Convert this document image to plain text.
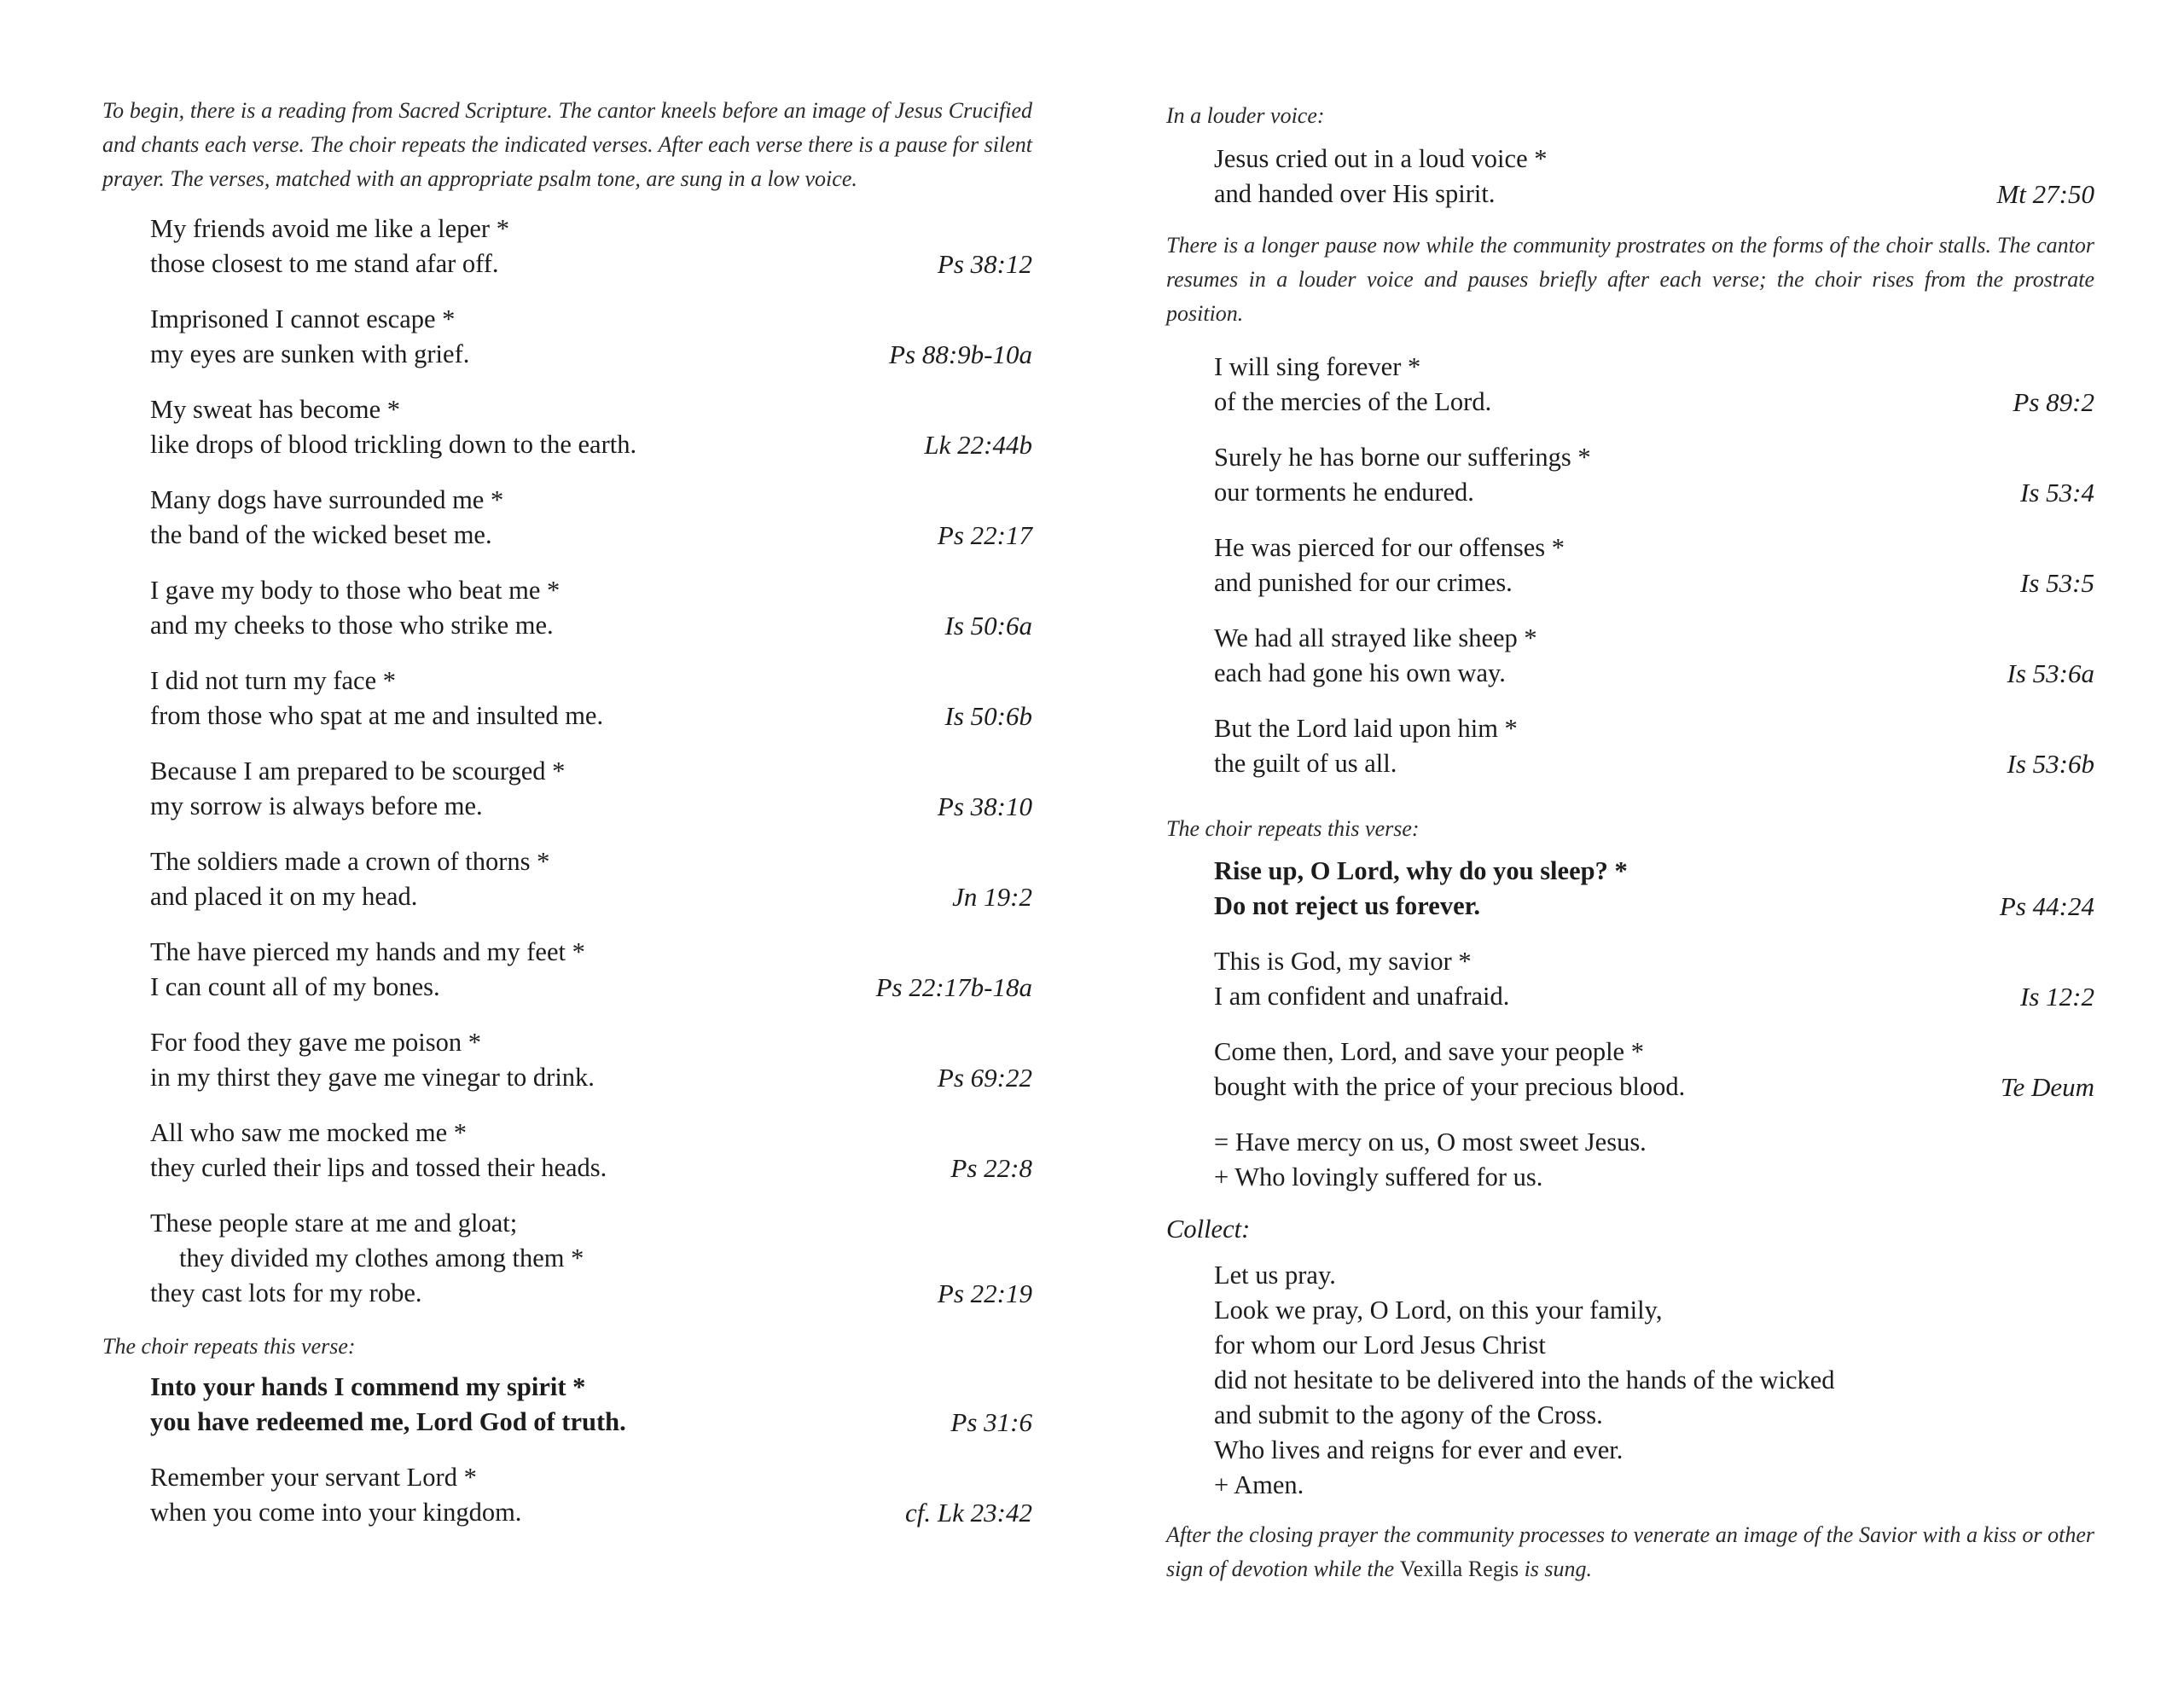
To begin, there is a reading from Sacred Scripture. The cantor kneels before an image of Jesus Crucified and chants each verse. The choir repeats the indicated verses. After each verse there is a pause for silent prayer. The verses, matched with an appropriate psalm tone, are sung in a low voice.
My friends avoid me like a leper *
those closest to me stand afar off.	Ps 38:12
Imprisoned I cannot escape *
my eyes are sunken with grief.	Ps 88:9b-10a
My sweat has become *
like drops of blood trickling down to the earth.	Lk 22:44b
Many dogs have surrounded me *
the band of the wicked beset me.	Ps 22:17
I gave my body to those who beat me *
and my cheeks to those who strike me.	Is 50:6a
I did not turn my face *
from those who spat at me and insulted me.	Is 50:6b
Because I am prepared to be scourged *
my sorrow is always before me.	Ps 38:10
The soldiers made a crown of thorns *
and placed it on my head.	Jn 19:2
The have pierced my hands and my feet *
I can count all of my bones.	Ps 22:17b-18a
For food they gave me poison *
in my thirst they gave me vinegar to drink.	Ps 69:22
All who saw me mocked me *
they curled their lips and tossed their heads.	Ps 22:8
These people stare at me and gloat;
they divided my clothes among them *
they cast lots for my robe.	Ps 22:19
The choir repeats this verse:
Into your hands I commend my spirit *
you have redeemed me, Lord God of truth.	Ps 31:6
Remember your servant Lord *
when you come into your kingdom.	cf. Lk 23:42
In a louder voice:
Jesus cried out in a loud voice *
and handed over His spirit.	Mt 27:50
There is a longer pause now while the community prostrates on the forms of the choir stalls. The cantor resumes in a louder voice and pauses briefly after each verse; the choir rises from the prostrate position.
I will sing forever *
of the mercies of the Lord.	Ps 89:2
Surely he has borne our sufferings *
our torments he endured.	Is 53:4
He was pierced for our offenses *
and punished for our crimes.	Is 53:5
We had all strayed like sheep *
each had gone his own way.	Is 53:6a
But the Lord laid upon him *
the guilt of us all.	Is 53:6b
The choir repeats this verse:
Rise up, O Lord, why do you sleep? *
Do not reject us forever.	Ps 44:24
This is God, my savior *
I am confident and unafraid.	Is 12:2
Come then, Lord, and save your people *
bought with the price of your precious blood.	Te Deum
= Have mercy on us, O most sweet Jesus.
+ Who lovingly suffered for us.
Collect:
Let us pray.
Look we pray, O Lord, on this your family,
for whom our Lord Jesus Christ
did not hesitate to be delivered into the hands of the wicked
and submit to the agony of the Cross.
Who lives and reigns for ever and ever.
+ Amen.
After the closing prayer the community processes to venerate an image of the Savior with a kiss or other sign of devotion while the Vexilla Regis is sung.
